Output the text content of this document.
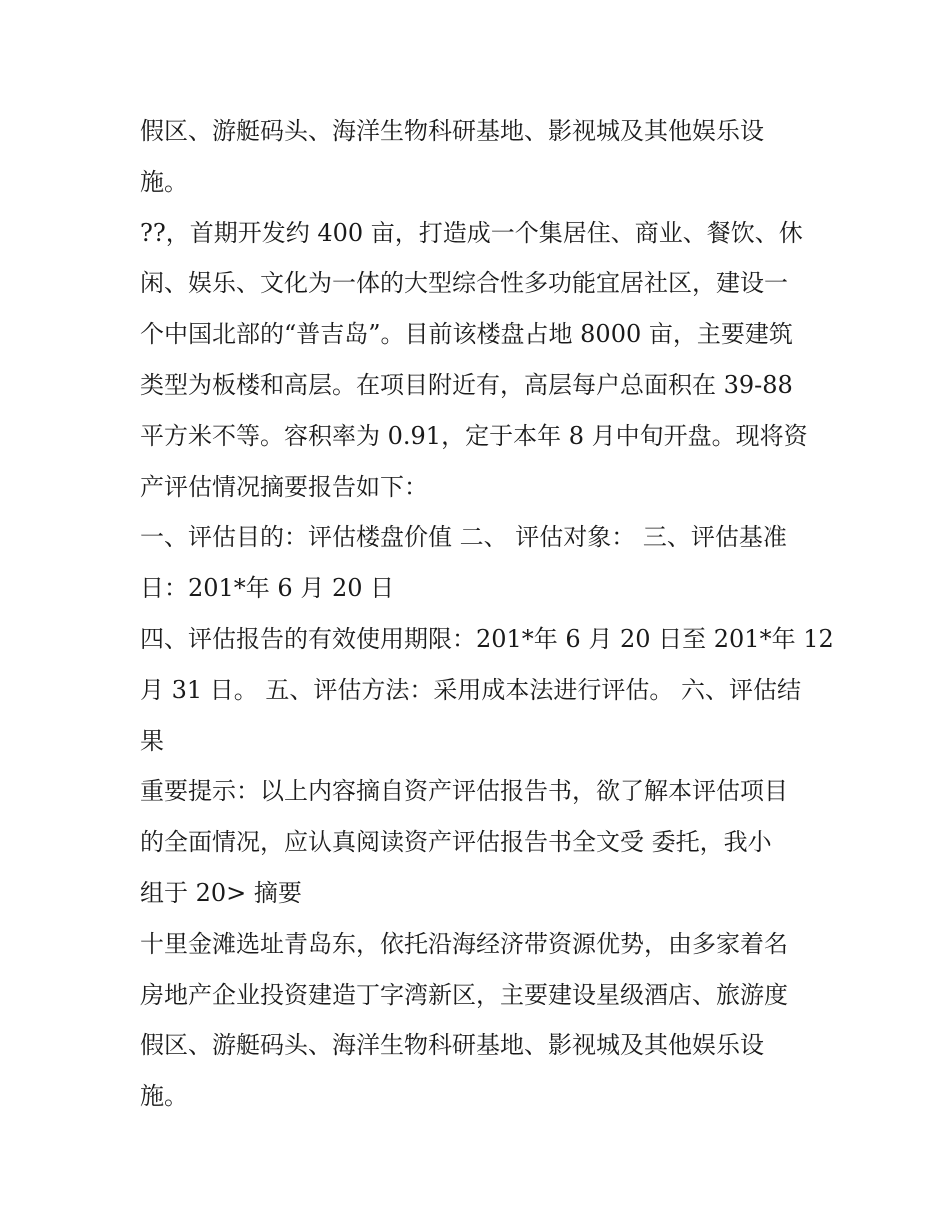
假区、游艇码头、海洋生物科研基地、影视城及其他娱乐设

施。

??，首期开发约 400 亩，打造成一个集居住、商业、餐饮、休

闲、娱乐、文化为一体的大型综合性多功能宜居社区，建设一

个中国北部的“普吉岛”。目前该楼盘占地 8000 亩，主要建筑

类型为板楼和高层。在项目附近有，高层每户总面积在 39-88

平方米不等。容积率为 0.91，定于本年 8 月中旬开盘。现将资

产评估情况摘要报告如下：

一、评估目的：评估楼盘价值 二、 评估对象： 三、评估基准

日：201*年 6 月 20 日

四、评估报告的有效使用期限：201*年 6 月 20 日至 201*年 12

月 31 日。 五、评估方法：采用成本法进行评估。 六、评估结

果

重要提示：以上内容摘自资产评估报告书，欲了解本评估项目

的全面情况，应认真阅读资产评估报告书全文受 委托，我小

组于 20> 摘要

十里金滩选址青岛东，依托沿海经济带资源优势，由多家着名

房地产企业投资建造丁字湾新区，主要建设星级酒店、旅游度

假区、游艇码头、海洋生物科研基地、影视城及其他娱乐设

施。
